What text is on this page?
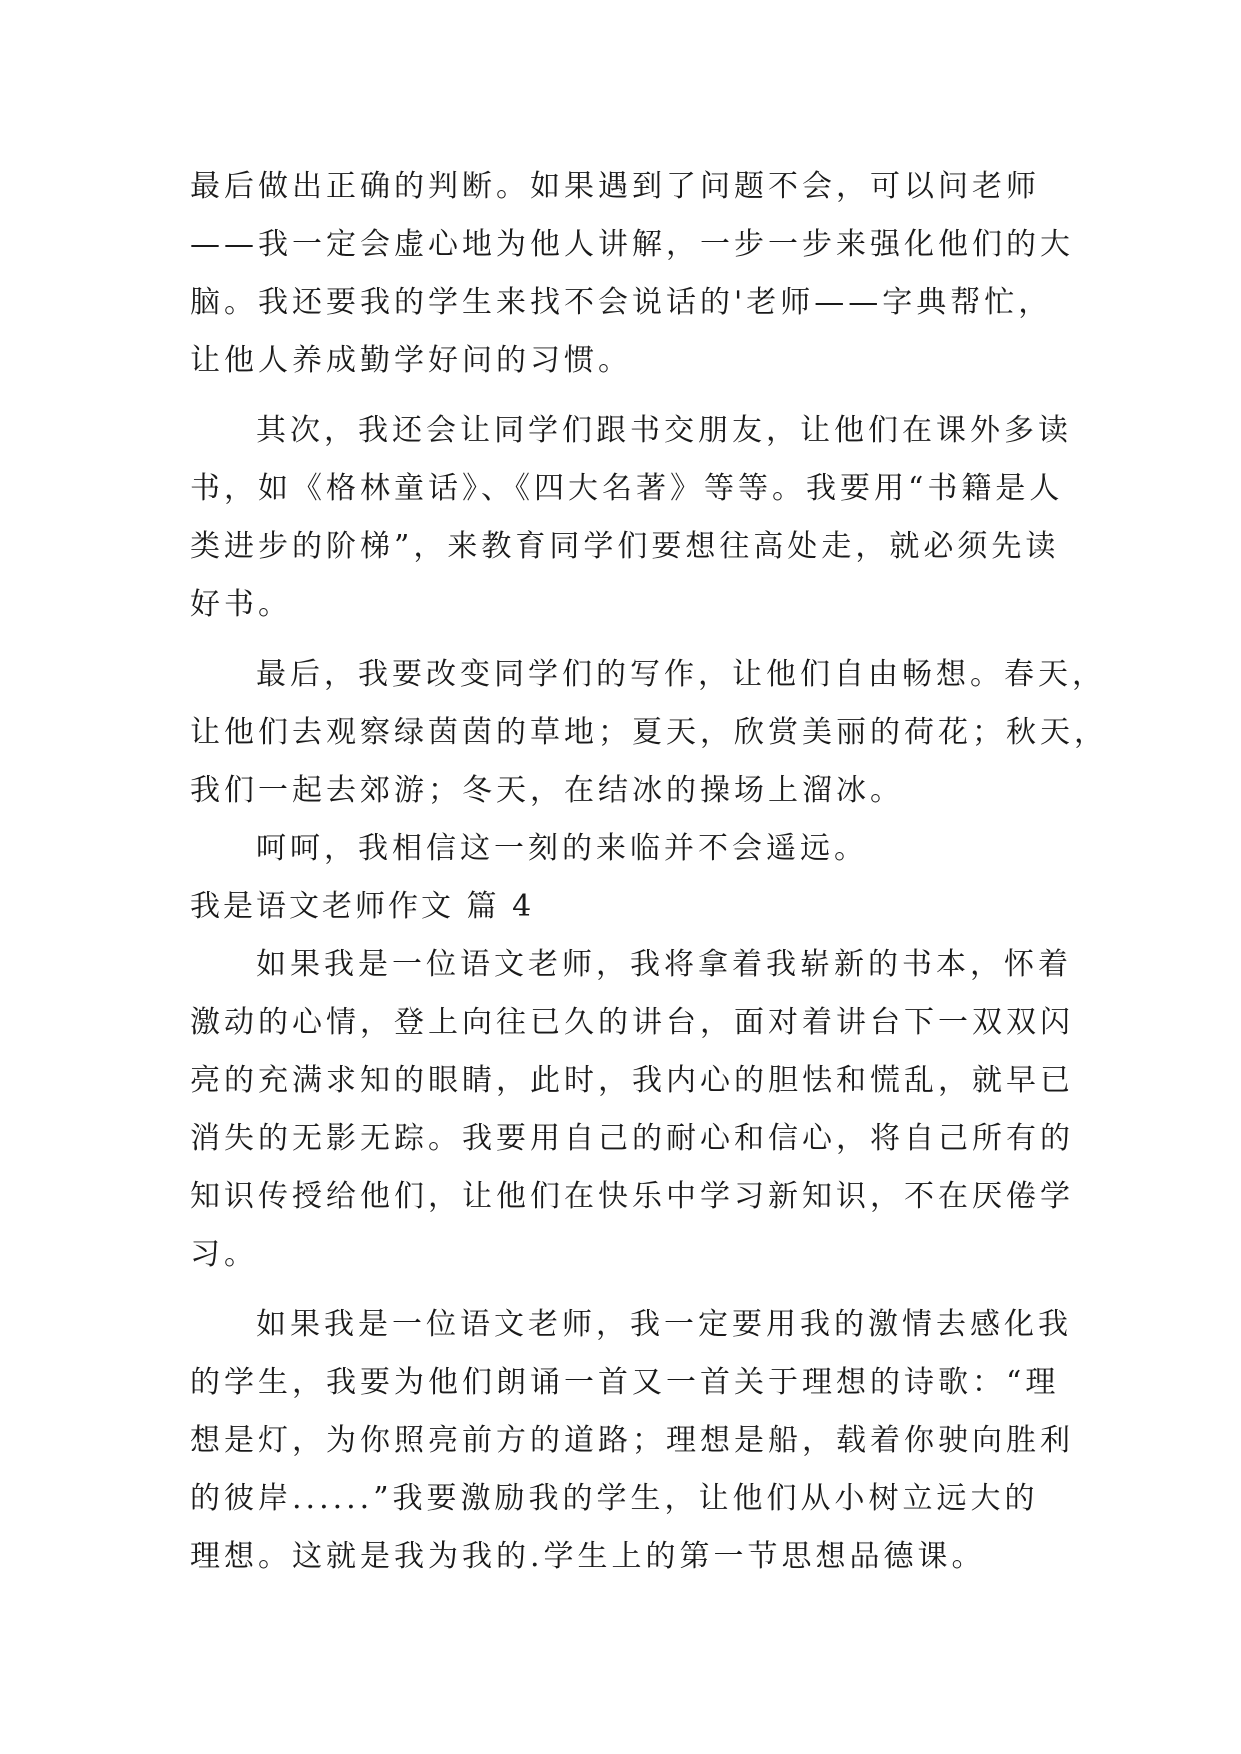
最后做出正确的判断。如果遇到了问题不会，可以问老师
——我一定会虚心地为他人讲解，一步一步来强化他们的大
脑。我还要我的学生来找不会说话的'老师——字典帮忙，
让他人养成勤学好问的习惯。
其次，我还会让同学们跟书交朋友，让他们在课外多读
书，如《格林童话》、《四大名著》等等。我要用“书籍是人
类进步的阶梯”，来教育同学们要想往高处走，就必须先读
好书。
最后，我要改变同学们的写作，让他们自由畅想。春天，
让他们去观察绿茵茵的草地；夏天，欣赏美丽的荷花；秋天，
我们一起去郊游；冬天，在结冰的操场上溜冰。
呵呵，我相信这一刻的来临并不会遥远。
我是语文老师作文 篇 4
如果我是一位语文老师，我将拿着我崭新的书本，怀着
激动的心情，登上向往已久的讲台，面对着讲台下一双双闪
亮的充满求知的眼睛，此时，我内心的胆怯和慌乱，就早已
消失的无影无踪。我要用自己的耐心和信心，将自己所有的
知识传授给他们，让他们在快乐中学习新知识，不在厌倦学
习。
如果我是一位语文老师，我一定要用我的激情去感化我
的学生，我要为他们朗诵一首又一首关于理想的诗歌：“理
想是灯，为你照亮前方的道路；理想是船，载着你驶向胜利
的彼岸......”我要激励我的学生，让他们从小树立远大的
理想。这就是我为我的.学生上的第一节思想品德课。
